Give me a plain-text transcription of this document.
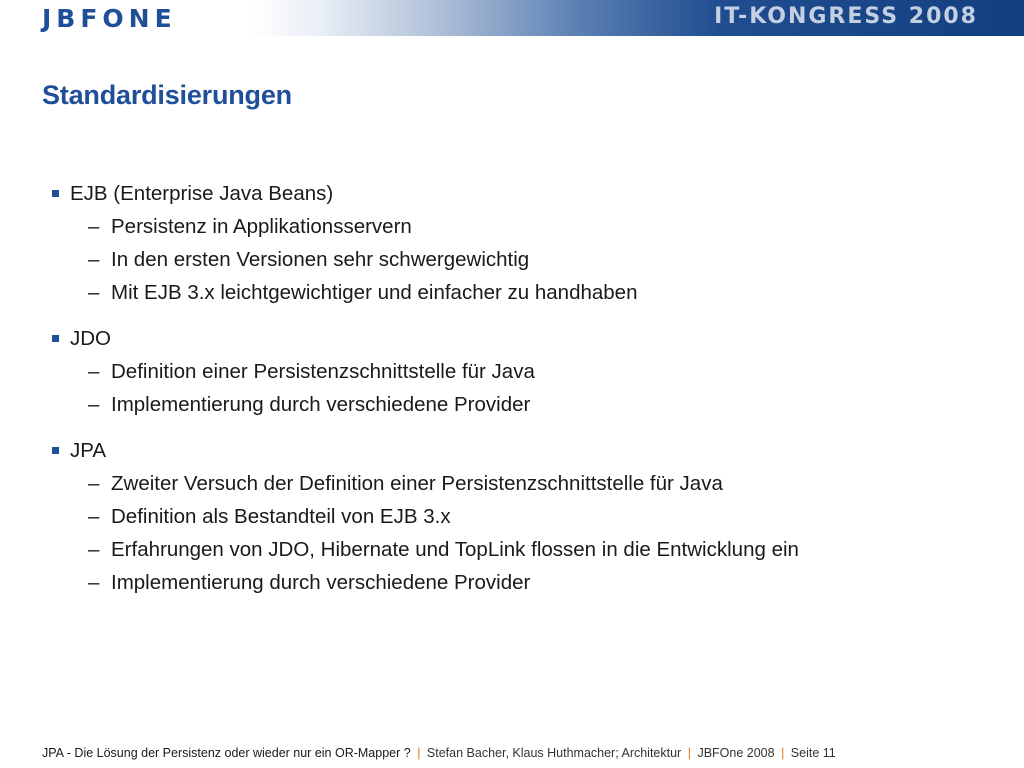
JBFONE	IT-KONGRESS 2008
Standardisierungen
EJB (Enterprise Java Beans)
– Persistenz in Applikationsservern
– In den ersten Versionen sehr schwergewichtig
– Mit EJB 3.x leichtgewichtiger und einfacher zu handhaben
JDO
– Definition einer Persistenzschnittstelle für Java
– Implementierung durch verschiedene Provider
JPA
– Zweiter Versuch der Definition einer Persistenzschnittstelle für Java
– Definition als Bestandteil von EJB 3.x
– Erfahrungen von JDO, Hibernate und TopLink flossen in die Entwicklung ein
– Implementierung durch verschiedene Provider
JPA - Die Lösung der Persistenz oder wieder nur ein OR-Mapper ? | Stefan Bacher, Klaus Huthmacher; Architektur | JBFOne 2008 | Seite 11
